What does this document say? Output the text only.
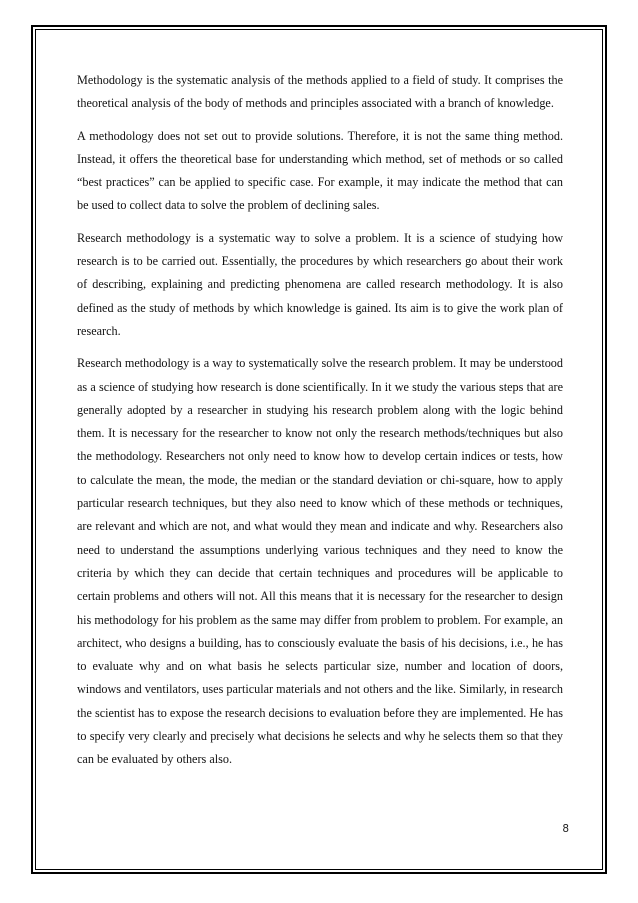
Methodology is the systematic analysis of the methods applied to a field of study. It comprises the theoretical analysis of the body of methods and principles associated with a branch of knowledge.

A methodology does not set out to provide solutions. Therefore, it is not the same thing method. Instead, it offers the theoretical base for understanding which method, set of methods or so called “best practices” can be applied to specific case. For example, it may indicate the method that can be used to collect data to solve the problem of declining sales.

Research methodology is a systematic way to solve a problem. It is a science of studying how research is to be carried out. Essentially, the procedures by which researchers go about their work of describing, explaining and predicting phenomena are called research methodology. It is also defined as the study of methods by which knowledge is gained. Its aim is to give the work plan of research.

Research methodology is a way to systematically solve the research problem. It may be understood as a science of studying how research is done scientifically. In it we study the various steps that are generally adopted by a researcher in studying his research problem along with the logic behind them. It is necessary for the researcher to know not only the research methods/techniques but also the methodology. Researchers not only need to know how to develop certain indices or tests, how to calculate the mean, the mode, the median or the standard deviation or chi-square, how to apply particular research techniques, but they also need to know which of these methods or techniques, are relevant and which are not, and what would they mean and indicate and why. Researchers also need to understand the assumptions underlying various techniques and they need to know the criteria by which they can decide that certain techniques and procedures will be applicable to certain problems and others will not. All this means that it is necessary for the researcher to design his methodology for his problem as the same may differ from problem to problem. For example, an architect, who designs a building, has to consciously evaluate the basis of his decisions, i.e., he has to evaluate why and on what basis he selects particular size, number and location of doors, windows and ventilators, uses particular materials and not others and the like. Similarly, in research the scientist has to expose the research decisions to evaluation before they are implemented. He has to specify very clearly and precisely what decisions he selects and why he selects them so that they can be evaluated by others also.

8
